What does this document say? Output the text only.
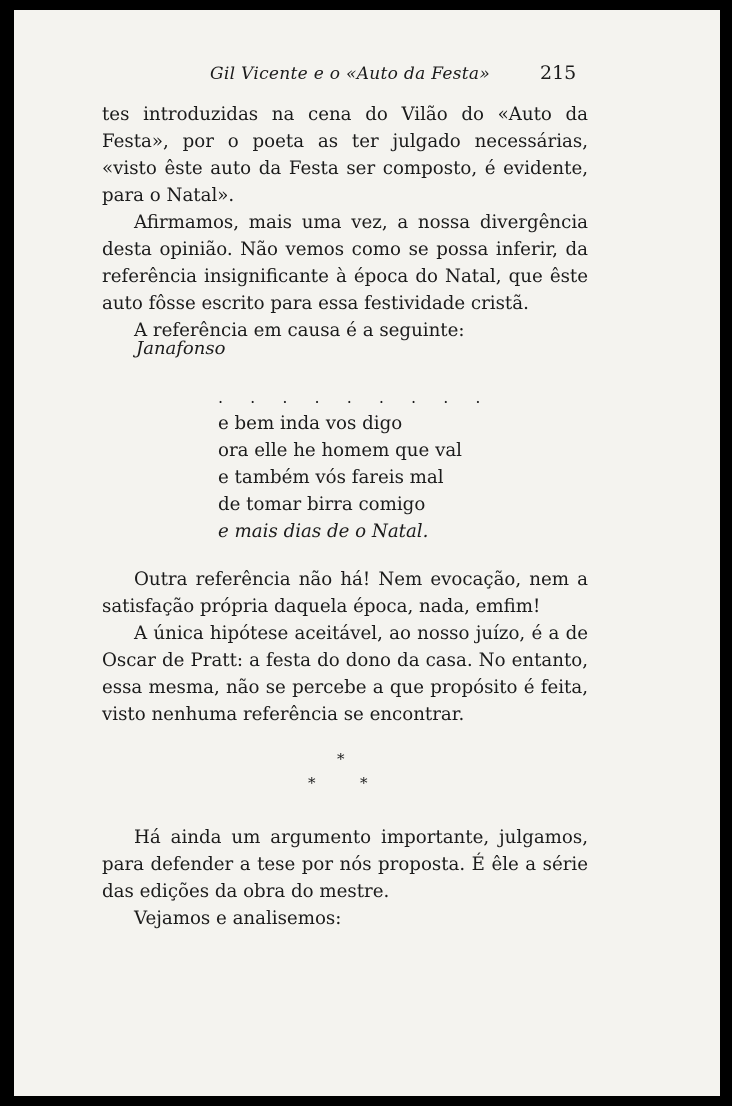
Gil Vicente e o «Auto da Festa»	215

tes introduzidas na cena do Vilão do «Auto da Festa», por o poeta as ter julgado necessárias, «visto êste auto da Festa ser composto, é evidente, para o Natal».

Afirmamos, mais uma vez, a nossa divergência desta opinião. Não vemos como se possa inferir, da referência insignificante à época do Natal, que êste auto fôsse escrito para essa festividade cristã.

A referência em causa é a seguinte:

Janafonso
. . . . . . . . .
e bem inda vos digo
ora elle he homem que val
e também vós fareis mal
de tomar birra comigo
e mais dias de o Natal.

Outra referência não há! Nem evocação, nem a satisfação própria daquela época, nada, emfim!

A única hipótese aceitável, ao nosso juízo, é a de Oscar de Pratt: a festa do dono da casa. No entanto, essa mesma, não se percebe a que propósito é feita, visto nenhuma referência se encontrar.

*
*	*

Há ainda um argumento importante, julgamos, para defender a tese por nós proposta. É êle a série das edições da obra do mestre.

Vejamos e analisemos:
